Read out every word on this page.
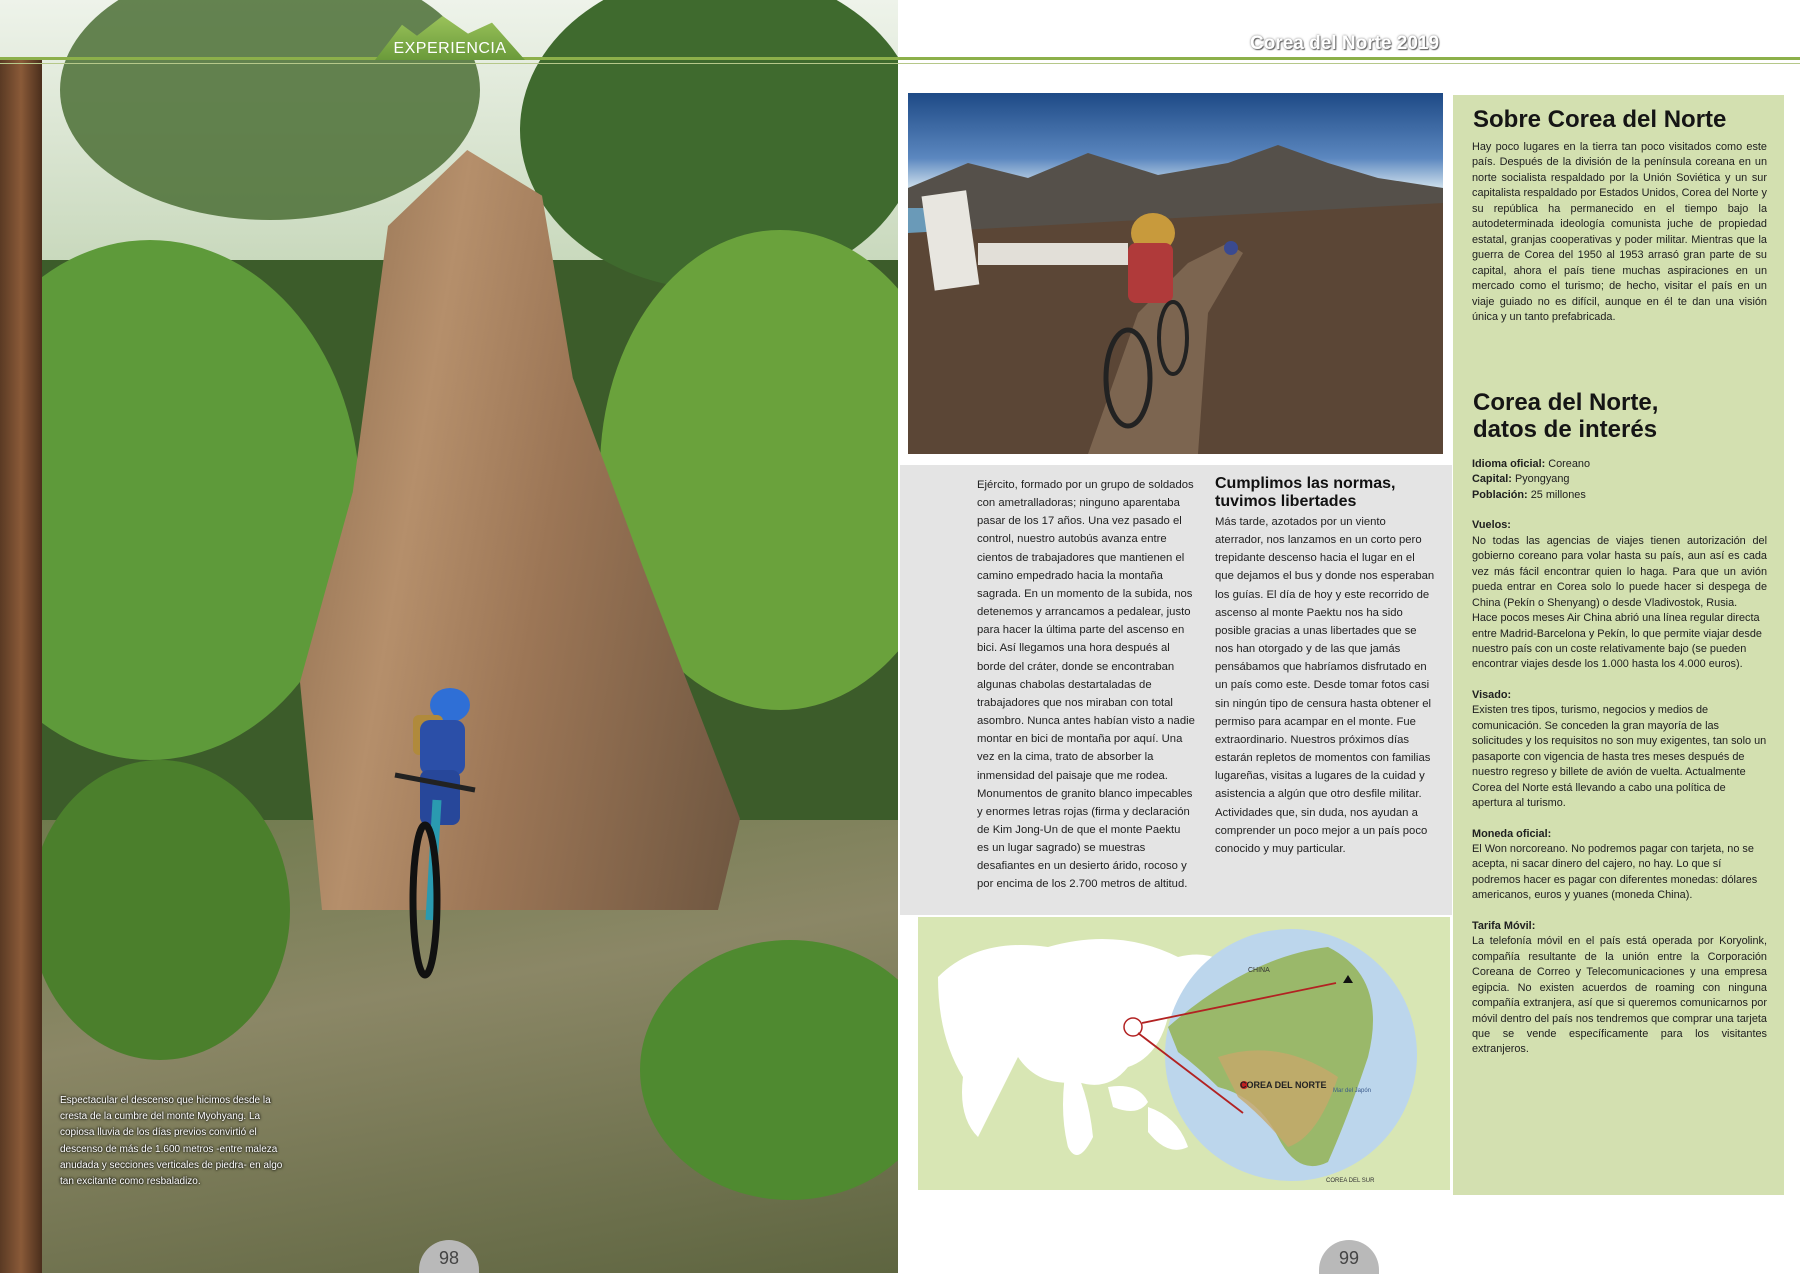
Espectacular el descenso que hicimos desde la cresta de la cumbre del monte Myohyang. La copiosa lluvia de los días previos convirtió el descenso de más de 1.600 metros -entre maleza anudada y secciones verticales de piedra- en algo tan excitante como resbaladizo.
98
EXPERIENCIA	Corea del Norte 2019
Ejército, formado por un grupo de soldados con ametralladoras; ninguno aparentaba pasar de los 17 años. Una vez pasado el control, nuestro autobús avanza entre cientos de trabajadores que mantienen el camino empedrado hacia la montaña sagrada. En un momento de la subida, nos detenemos y arrancamos a pedalear, justo para hacer la última parte del ascenso en bici. Así llegamos una hora después al borde del cráter, donde se encontraban algunas chabolas destartaladas de trabajadores que nos miraban con total asombro. Nunca antes habían visto a nadie montar en bici de montaña por aquí. Una vez en la cima, trato de absorber la inmensidad del paisaje que me rodea. Monumentos de granito blanco impecables y enormes letras rojas (firma y declaración de Kim Jong-Un de que el monte Paektu es un lugar sagrado) se muestras desafiantes en un desierto árido, rocoso y por encima de los 2.700 metros de altitud.
Cumplimos las normas, tuvimos libertades
Más tarde, azotados por un viento aterrador, nos lanzamos en un corto pero trepidante descenso hacia el lugar en el que dejamos el bus y donde nos esperaban los guías. El día de hoy y este recorrido de ascenso al monte Paektu nos ha sido posible gracias a unas libertades que se nos han otorgado y de las que jamás pensábamos que habríamos disfrutado en un país como este. Desde tomar fotos casi sin ningún tipo de censura hasta obtener el permiso para acampar en el monte. Fue extraordinario. Nuestros próximos días estarán repletos de momentos con familias lugareñas, visitas a lugares de la cuidad y asistencia a algún que otro desfile militar. Actividades que, sin duda, nos ayudan a comprender un poco mejor a un país poco conocido y muy particular.
CHINA
COREA DEL NORTE
Mar del Japón
COREA DEL SUR
Sobre Corea del Norte
Hay poco lugares en la tierra tan poco visitados como este país. Después de la división de la península coreana en un norte socialista respaldado por la Unión Soviética y un sur capitalista respaldado por Estados Unidos, Corea del Norte y su república ha permanecido en el tiempo bajo la autodeterminada ideología comunista juche de propiedad estatal, granjas cooperativas y poder militar. Mientras que la guerra de Corea del 1950 al 1953 arrasó gran parte de su capital, ahora el país tiene muchas aspiraciones en un mercado como el turismo; de hecho, visitar el país en un viaje guiado no es difícil, aunque en él te dan una visión única y un tanto prefabricada.
Corea del Norte,
datos de interés
Idioma oficial: Coreano
Capital: Pyongyang
Población: 25 millones
Vuelos:
No todas las agencias de viajes tienen autorización del gobierno coreano para volar hasta su país, aun así es cada vez más fácil encontrar quien lo haga. Para que un avión pueda entrar en Corea solo lo puede hacer si despega de China (Pekín o Shenyang) o desde Vladivostok, Rusia.
Hace pocos meses Air China abrió una línea regular directa entre Madrid-Barcelona y Pekín, lo que permite viajar desde nuestro país con un coste relativamente bajo (se pueden encontrar viajes desde los 1.000 hasta los 4.000 euros).
Visado:
Existen tres tipos, turismo, negocios y medios de comunicación. Se conceden la gran mayoría de las solicitudes y los requisitos no son muy exigentes, tan solo un pasaporte con vigencia de hasta tres meses después de nuestro regreso y billete de avión de vuelta. Actualmente Corea del Norte está llevando a cabo una política de apertura al turismo.
Moneda oficial:
El Won norcoreano. No podremos pagar con tarjeta, no se acepta, ni sacar dinero del cajero, no hay. Lo que sí podremos hacer es pagar con diferentes monedas: dólares americanos, euros y yuanes (moneda China).
Tarifa Móvil:
La telefonía móvil en el país está operada por Koryolink, compañía resultante de la unión entre la Corporación Coreana de Correo y Telecomunicaciones y una empresa egipcia. No existen acuerdos de roaming con ninguna compañía extranjera, así que si queremos comunicarnos por móvil dentro del país nos tendremos que comprar una tarjeta que se vende específicamente para los visitantes extranjeros.
99
